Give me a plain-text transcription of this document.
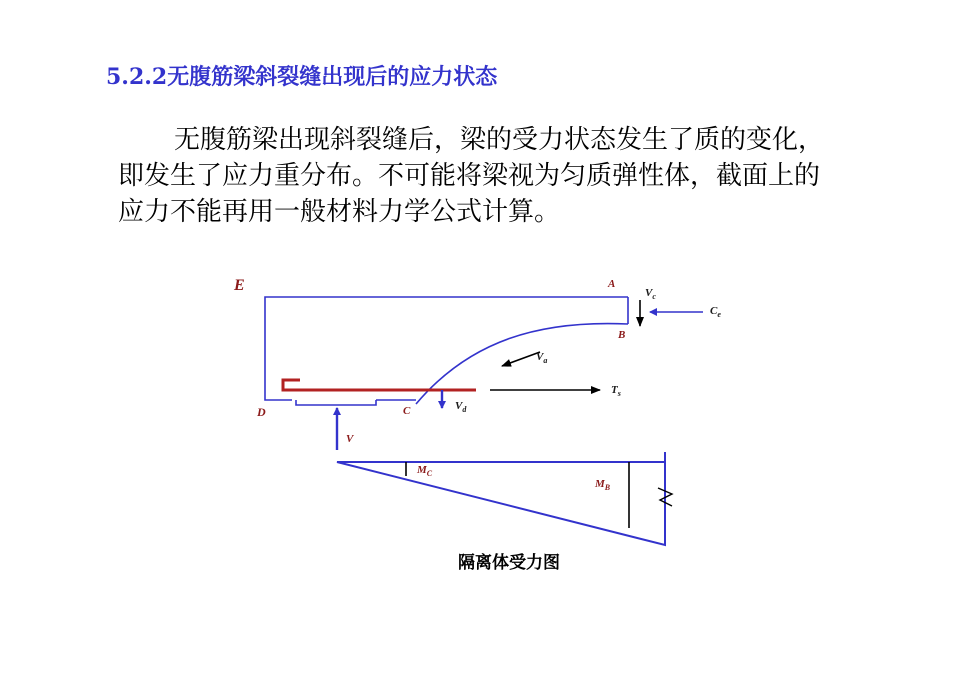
5.2.2无腹筋梁斜裂缝出现后的应力状态
无腹筋梁出现斜裂缝后，梁的受力状态发生了质的变化，
即发生了应力重分布。不可能将梁视为匀质弹性体，截面上的
应力不能再用一般材料力学公式计算。
E	A
B
C
D
$V_c$
$C_e$
$V_a$
$T_s$
$V_d$
V
$M_C$
$M_B$
隔离体受力图
